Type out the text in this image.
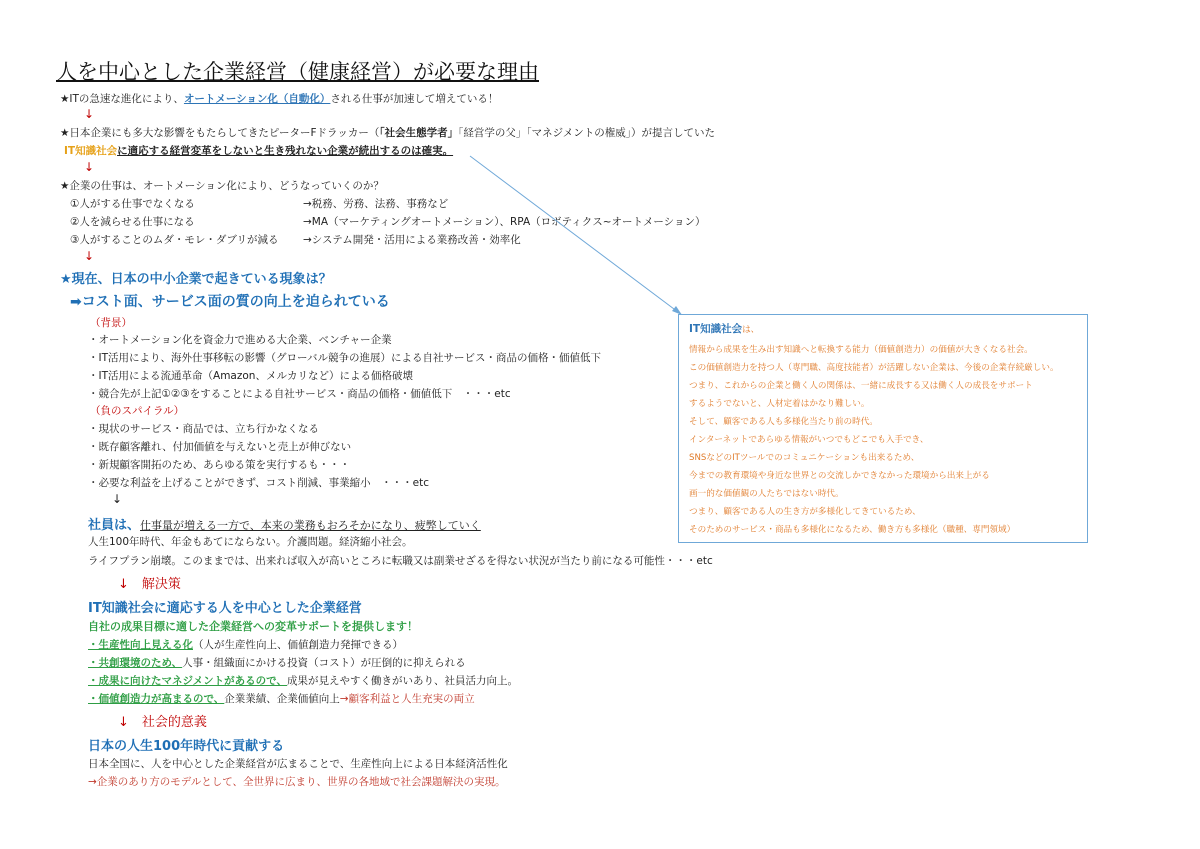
人を中心とした企業経営（健康経営）が必要な理由
★ITの急速な進化により、オートメーション化（自動化）される仕事が加速して増えている！
↓
★日本企業にも多大な影響をもたらしてきたピーターFドラッカー（「社会生態学者」「経営学の父」「マネジメントの権威」）が提言していた
IT知識社会に適応する経営変革をしないと生き残れない企業が続出するのは確実。
↓
★企業の仕事は、オートメーション化により、どうなっていくのか？
①人がする仕事でなくなる	→税務、労務、法務、事務など
②人を減らせる仕事になる	→MA（マーケティングオートメーション）、RPA（ロボティクス~オートメーション）
③人がすることのムダ・モレ・ダブリが減る →システム開発・活用による業務改善・効率化
↓
★現在、日本の中小企業で起きている現象は？
➡コスト面、サービス面の質の向上を迫られている
（背景）
・オートメーション化を資金力で進める大企業、ベンチャー企業
・IT活用により、海外仕事移転の影響（グローバル競争の進展）による自社サービス・商品の価格・価値低下
・IT活用による流通革命（Amazon、メルカリなど）による価格破壊
・競合先が上記①②③をすることによる自社サービス・商品の価格・価値低下　・・・etc
（負のスパイラル）
・現状のサービス・商品では、立ち行かなくなる
・既存顧客離れ、付加価値を与えないと売上が伸びない
・新規顧客開拓のため、あらゆる策を実行するも・・・
・必要な利益を上げることができず、コスト削減、事業縮小　・・・etc
↓
社員は、仕事量が増える一方で、本来の業務もおろそかになり、疲弊していく
人生100年時代、年金もあてにならない。介護問題。経済縮小社会。
ライフプラン崩壊。このままでは、出来れば収入が高いところに転職又は副業せざるを得ない状況が当たり前になる可能性・・・etc
↓　解決策
IT知識社会に適応する人を中心とした企業経営
自社の成果目標に適した企業経営への変革サポートを提供します！
・生産性向上見える化（人が生産性向上、価値創造力発揮できる）
・共創環境のため、人事・組織面にかける投資（コスト）が圧倒的に抑えられる
・成果に向けたマネジメントがあるので、成果が見えやすく働きがいあり、社員活力向上。
・価値創造力が高まるので、企業業績、企業価値向上→顧客利益と人生充実の両立
↓　社会的意義
日本の人生100年時代に貢献する
日本全国に、人を中心とした企業経営が広まることで、生産性向上による日本経済活性化
→企業のあり方のモデルとして、全世界に広まり、世界の各地域で社会課題解決の実現。
IT知識社会は、
情報から成果を生み出す知識へと転換する能力（価値創造力）の価値が大きくなる社会。
この価値創造力を持つ人（専門職、高度技能者）が活躍しない企業は、今後の企業存続厳しい。
つまり、これからの企業と働く人の関係は、一緒に成長する又は働く人の成長をサポート
するようでないと、人材定着はかなり難しい。
そして、顧客である人も多様化当たり前の時代。
インターネットであらゆる情報がいつでもどこでも入手でき、
SNSなどのITツールでのコミュニケーションも出来るため、
今までの教育環境や身近な世界との交流しかできなかった環境から出来上がる
画一的な価値観の人たちではない時代。
つまり、顧客である人の生き方が多様化してきているため、
そのためのサービス・商品も多様化になるため、働き方も多様化（職種、専門領域）
